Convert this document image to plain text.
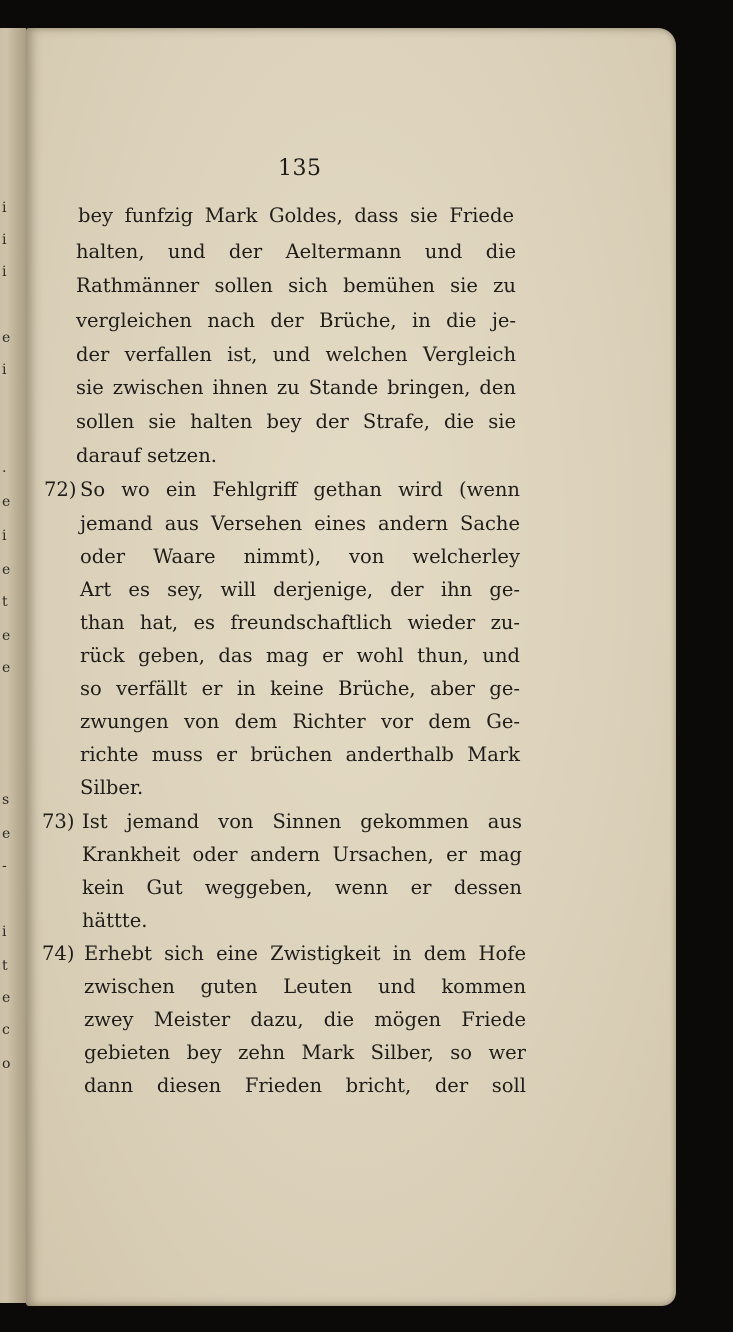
i
i
i
e
i
.
e
i
e
t
e
e
s
e
-
i
t
e
c
o
135
bey funfzig Mark Goldes, dass sie Friede
halten, und der Aeltermann und die
Rathmänner sollen sich bemühen sie zu
vergleichen nach der Brüche, in die je-
der verfallen ist, und welchen Vergleich
sie zwischen ihnen zu Stande bringen, den
sollen sie halten bey der Strafe, die sie
darauf setzen.
72) So wo ein Fehlgriff gethan wird (wenn
jemand aus Versehen eines andern Sache
oder Waare nimmt), von welcherley
Art es sey, will derjenige, der ihn ge-
than hat, es freundschaftlich wieder zu-
rück geben, das mag er wohl thun, und
so verfällt er in keine Brüche, aber ge-
zwungen von dem Richter vor dem Ge-
richte muss er brüchen anderthalb Mark
Silber.
73) Ist jemand von Sinnen gekommen aus
Krankheit oder andern Ursachen, er mag
kein Gut weggeben, wenn er dessen
hättte.
74) Erhebt sich eine Zwistigkeit in dem Hofe
zwischen guten Leuten und kommen
zwey Meister dazu, die mögen Friede
gebieten bey zehn Mark Silber, so wer
dann diesen Frieden bricht, der soll
